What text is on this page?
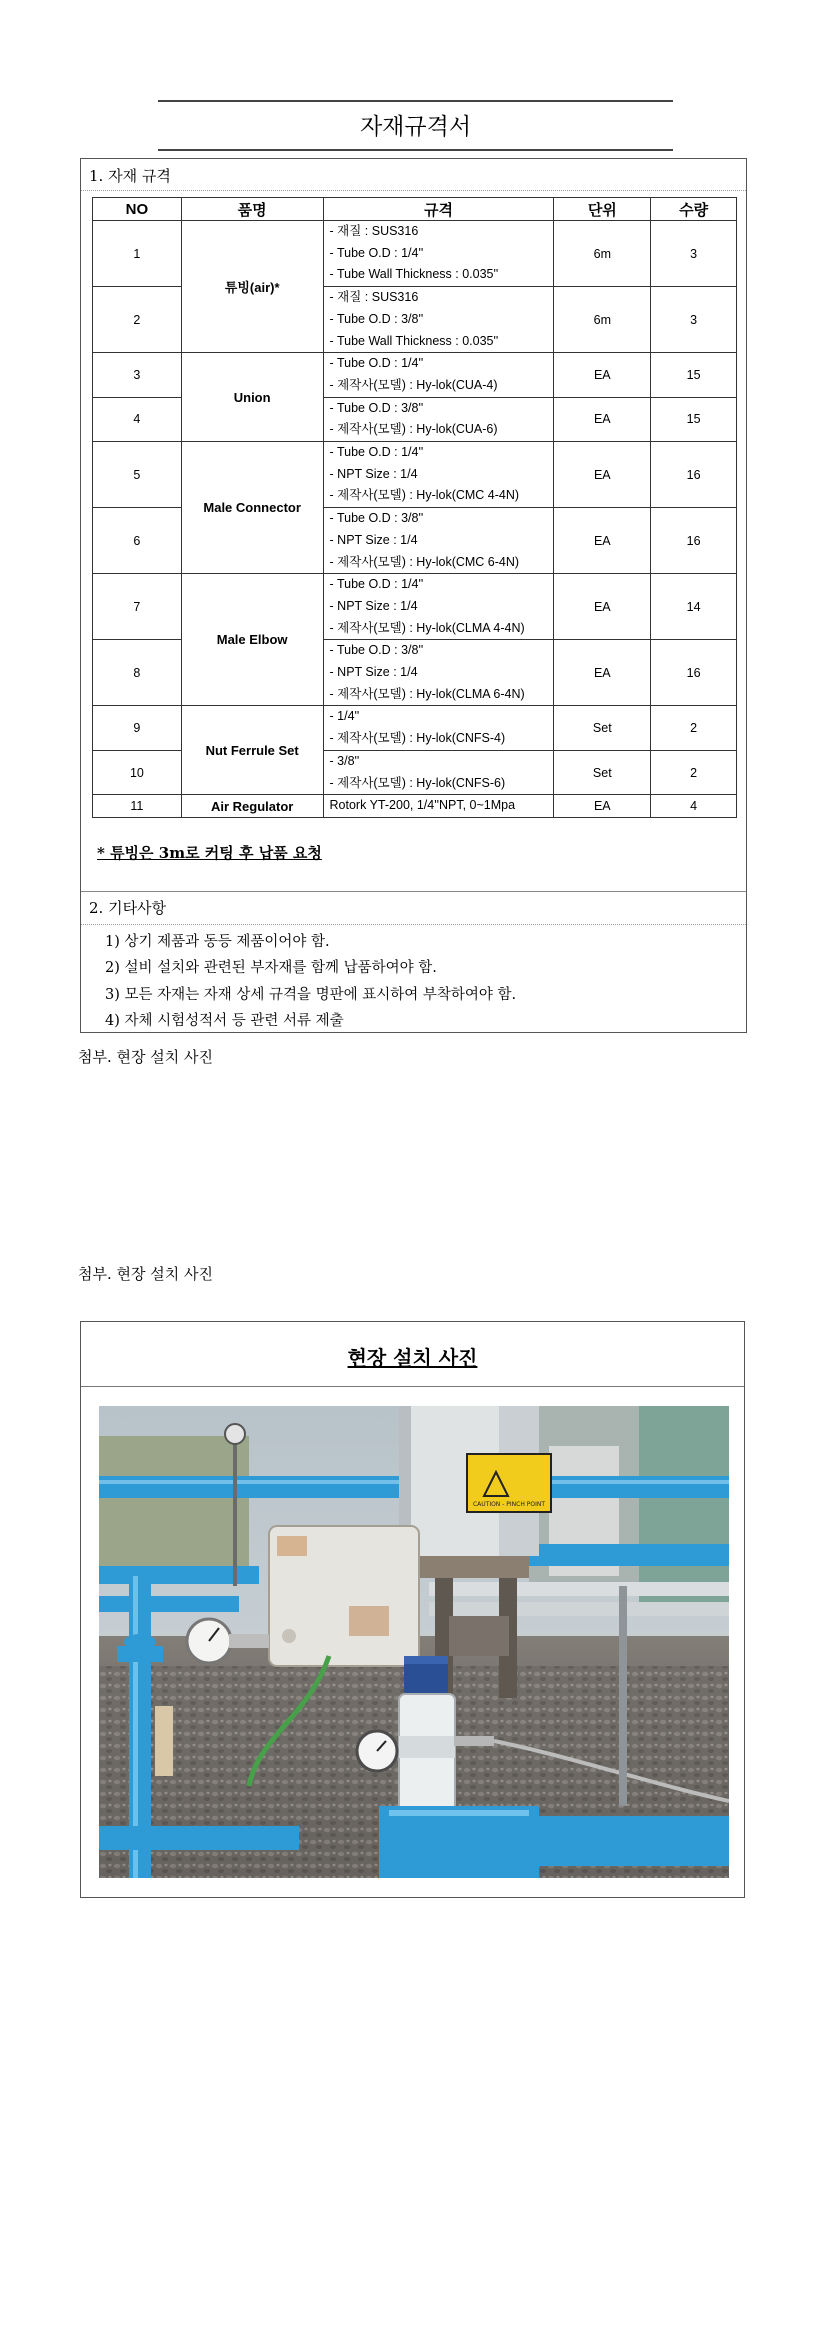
자재규격서
1. 자재 규격
NO	품명	규격	단위	수량
1	튜빙(air)*	- 재질 : SUS316
- Tube O.D : 1/4''
- Tube Wall Thickness : 0.035''	6m	3
2		- 재질 : SUS316
- Tube O.D : 3/8''
- Tube Wall Thickness : 0.035''	6m	3
3	Union	- Tube O.D : 1/4''
- 제작사(모델) : Hy-lok(CUA-4)	EA	15
4		- Tube O.D : 3/8''
- 제작사(모델) : Hy-lok(CUA-6)	EA	15
5	Male Connector	- Tube O.D : 1/4''
- NPT Size : 1/4
- 제작사(모델) : Hy-lok(CMC 4-4N)	EA	16
6		- Tube O.D : 3/8''
- NPT Size : 1/4
- 제작사(모델) : Hy-lok(CMC 6-4N)	EA	16
7	Male Elbow	- Tube O.D : 1/4''
- NPT Size : 1/4
- 제작사(모델) : Hy-lok(CLMA 4-4N)	EA	14
8		- Tube O.D : 3/8''
- NPT Size : 1/4
- 제작사(모델) : Hy-lok(CLMA 6-4N)	EA	16
9	Nut Ferrule Set	- 1/4''
- 제작사(모델) : Hy-lok(CNFS-4)	Set	2
10		- 3/8''
- 제작사(모델) : Hy-lok(CNFS-6)	Set	2
11	Air Regulator	Rotork YT-200, 1/4''NPT, 0~1Mpa	EA	4
* 튜빙은 3m로 커팅 후 납품 요청
2. 기타사항
1) 상기 제품과 동등 제품이어야 함.
2) 설비 설치와 관련된 부자재를 함께 납품하여야 함.
3) 모든 자재는 자재 상세 규격을 명판에 표시하여 부착하여야 함.
4) 자체 시험성적서 등 관련 서류 제출
첨부. 현장 설치 사진
첨부. 현장 설치 사진
현장 설치 사진
CAUTION - PINCH POINT
